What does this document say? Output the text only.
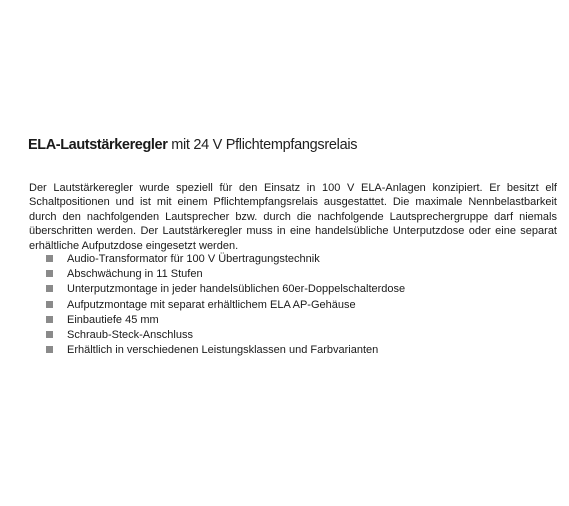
ELA-Lautstärkeregler mit 24 V Pflichtempfangsrelais

Der Lautstärkeregler wurde speziell für den Einsatz in 100 V ELA-Anlagen konzipiert. Er besitzt elf Schaltpositionen und ist mit einem Pflichtempfangsrelais ausgestattet. Die maximale Nennbelastbarkeit durch den nachfolgenden Lautsprecher bzw. durch die nachfolgende Lautsprechergruppe darf niemals überschritten werden. Der Lautstärkeregler muss in eine handelsübliche Unterputzdose oder eine separat erhältliche Aufputzdose eingesetzt werden.

Audio-Transformator für 100 V Übertragungstechnik
Abschwächung in 11 Stufen
Unterputzmontage in jeder handelsüblichen 60er-Doppelschalterdose
Aufputzmontage mit separat erhältlichem ELA AP-Gehäuse
Einbautiefe 45 mm
Schraub-Steck-Anschluss
Erhältlich in verschiedenen Leistungsklassen und Farbvarianten
